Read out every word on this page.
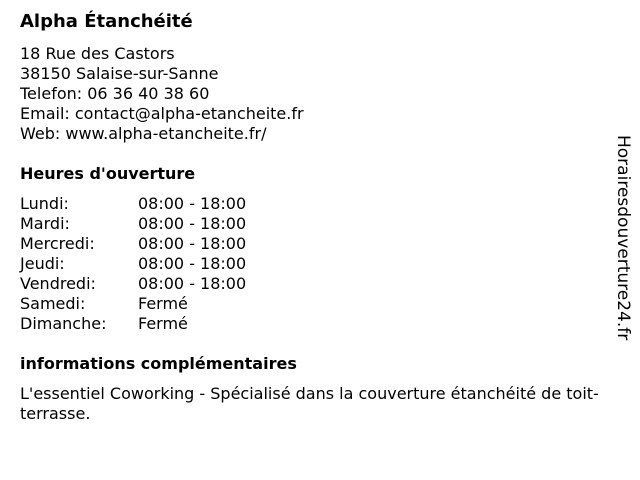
Alpha Étanchéité
18 Rue des Castors
38150 Salaise-sur-Sanne
Telefon: 06 36 40 38 60
Email: contact@alpha-etancheite.fr
Web: www.alpha-etancheite.fr/
Heures d'ouverture
Lundi:	08:00 - 18:00
Mardi:	08:00 - 18:00
Mercredi:	08:00 - 18:00
Jeudi:	08:00 - 18:00
Vendredi:	08:00 - 18:00
Samedi:	Fermé
Dimanche:	Fermé
informations complémentaires
L'essentiel Coworking - Spécialisé dans la couverture étanchéité de toit-terrasse.
Horairesdouverture24.fr
